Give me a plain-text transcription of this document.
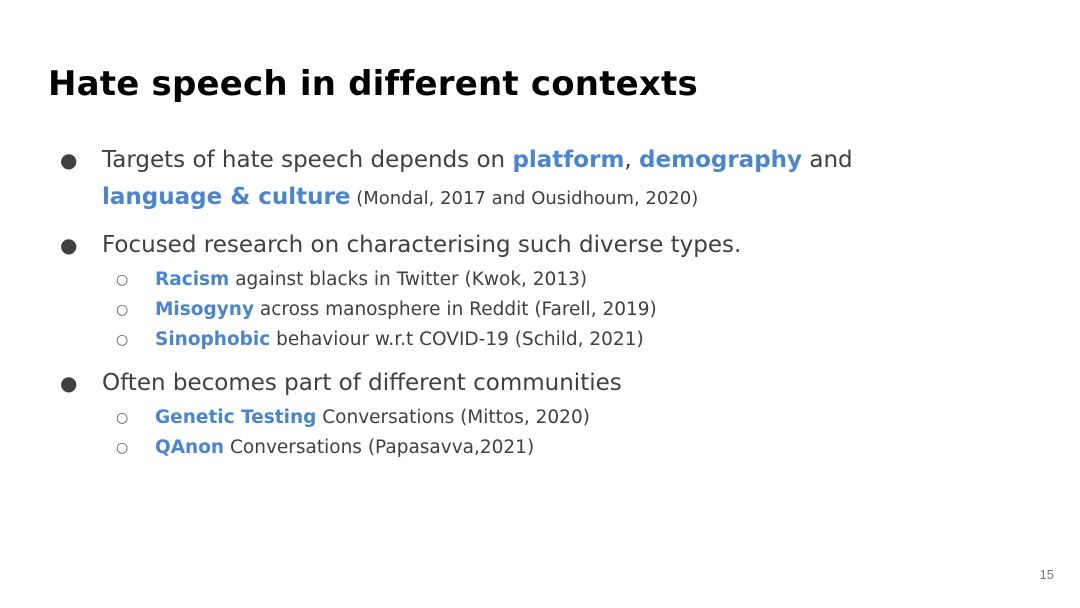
Hate speech in different contexts
● Targets of hate speech depends on platform, demography and language & culture (Mondal, 2017 and Ousidhoum, 2020)
● Focused research on characterising such diverse types.
○ Racism against blacks in Twitter (Kwok, 2013)
○ Misogyny across manosphere in Reddit (Farell, 2019)
○ Sinophobic behaviour w.r.t COVID-19 (Schild, 2021)
● Often becomes part of different communities
○ Genetic Testing Conversations (Mittos, 2020)
○ QAnon Conversations (Papasavva,2021)
15
